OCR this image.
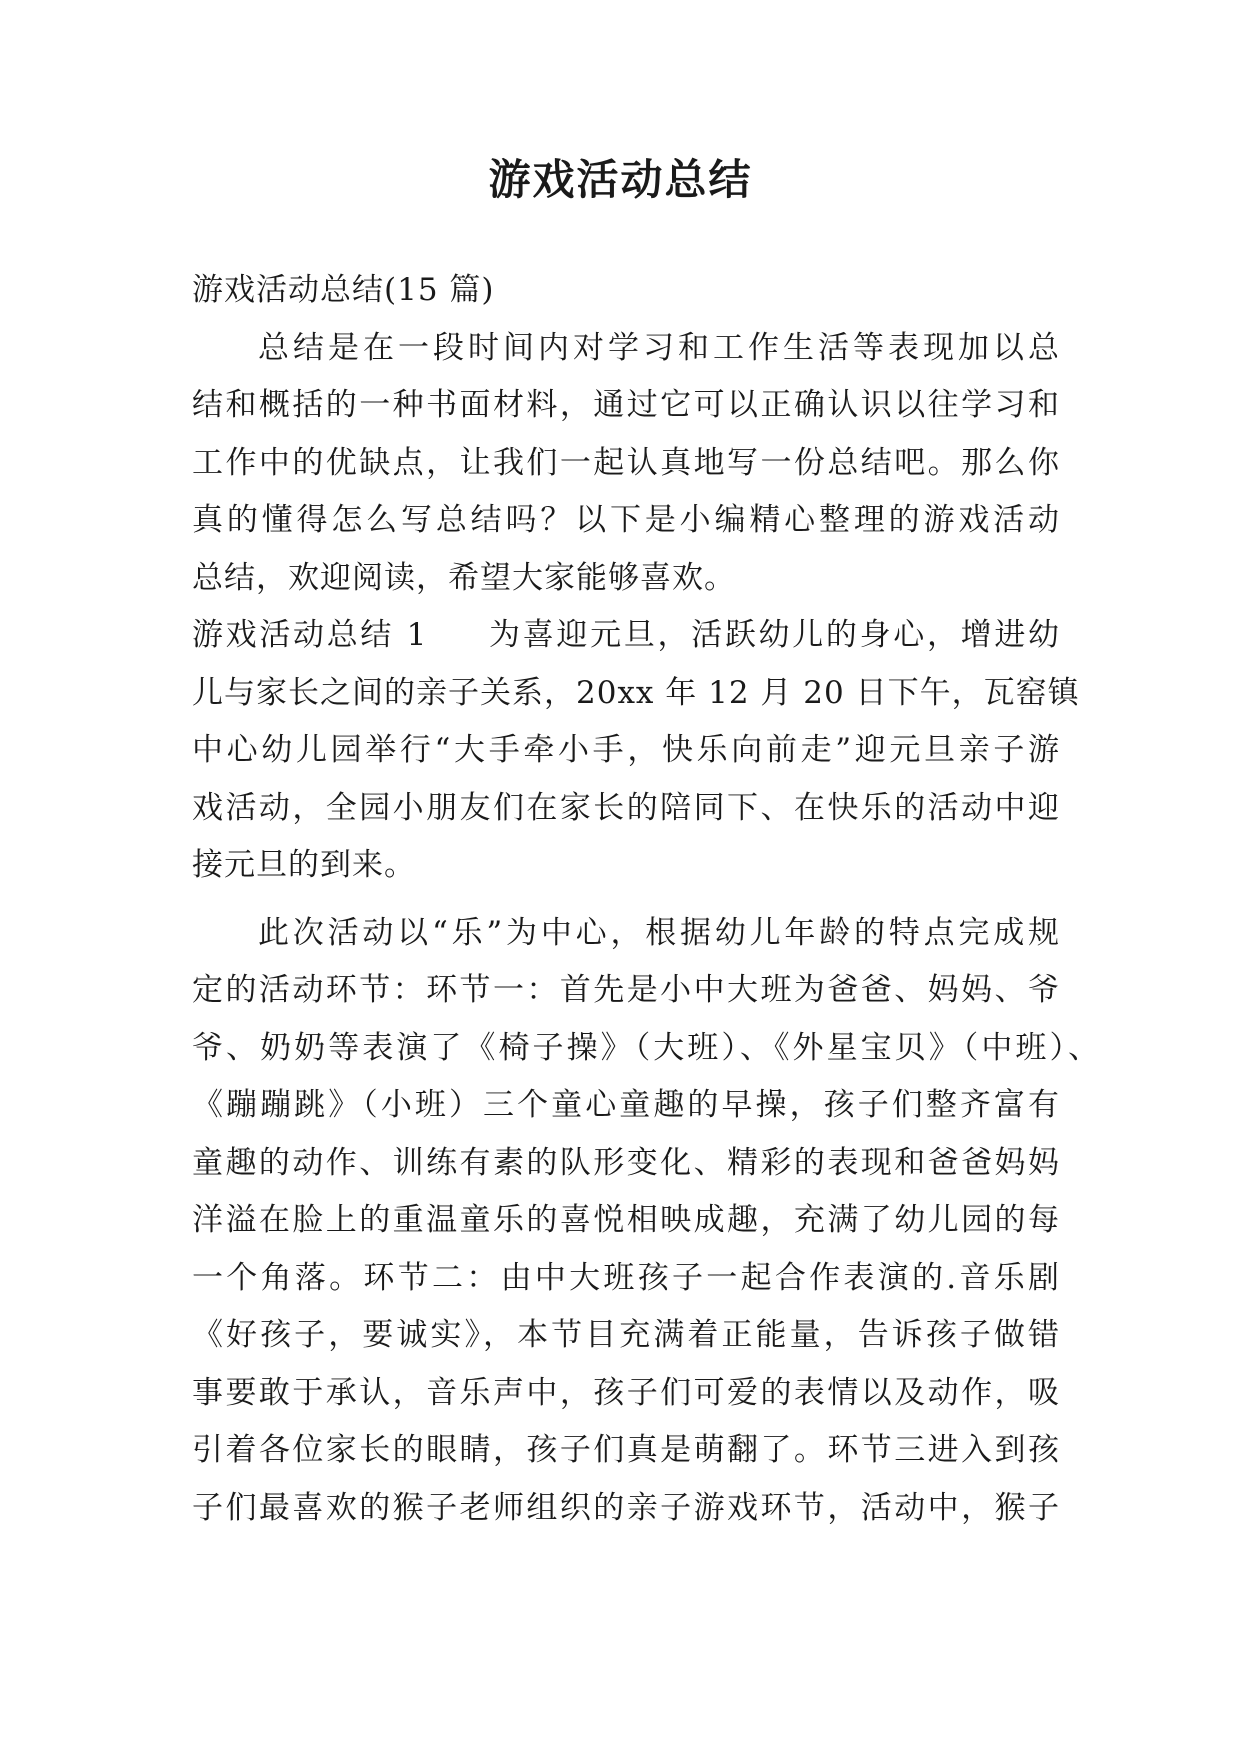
游戏活动总结
游戏活动总结(15 篇)
总结是在一段时间内对学习和工作生活等表现加以总
结和概括的一种书面材料，通过它可以正确认识以往学习和
工作中的优缺点，让我们一起认真地写一份总结吧。那么你
真的懂得怎么写总结吗？以下是小编精心整理的游戏活动
总结，欢迎阅读，希望大家能够喜欢。
游戏活动总结 1 为喜迎元旦，活跃幼儿的身心，增进幼
儿与家长之间的亲子关系，20xx 年 12 月 20 日下午，瓦窑镇
中心幼儿园举行“大手牵小手，快乐向前走”迎元旦亲子游
戏活动，全园小朋友们在家长的陪同下、在快乐的活动中迎
接元旦的到来。
此次活动以“乐”为中心，根据幼儿年龄的特点完成规
定的活动环节：环节一：首先是小中大班为爸爸、妈妈、爷
爷、奶奶等表演了《椅子操》（大班）、《外星宝贝》（中班）、
《蹦蹦跳》（小班）三个童心童趣的早操，孩子们整齐富有
童趣的动作、训练有素的队形变化、精彩的表现和爸爸妈妈
洋溢在脸上的重温童乐的喜悦相映成趣，充满了幼儿园的每
一个角落。环节二：由中大班孩子一起合作表演的.音乐剧
《好孩子，要诚实》，本节目充满着正能量，告诉孩子做错
事要敢于承认，音乐声中，孩子们可爱的表情以及动作，吸
引着各位家长的眼睛，孩子们真是萌翻了。环节三进入到孩
子们最喜欢的猴子老师组织的亲子游戏环节，活动中，猴子
